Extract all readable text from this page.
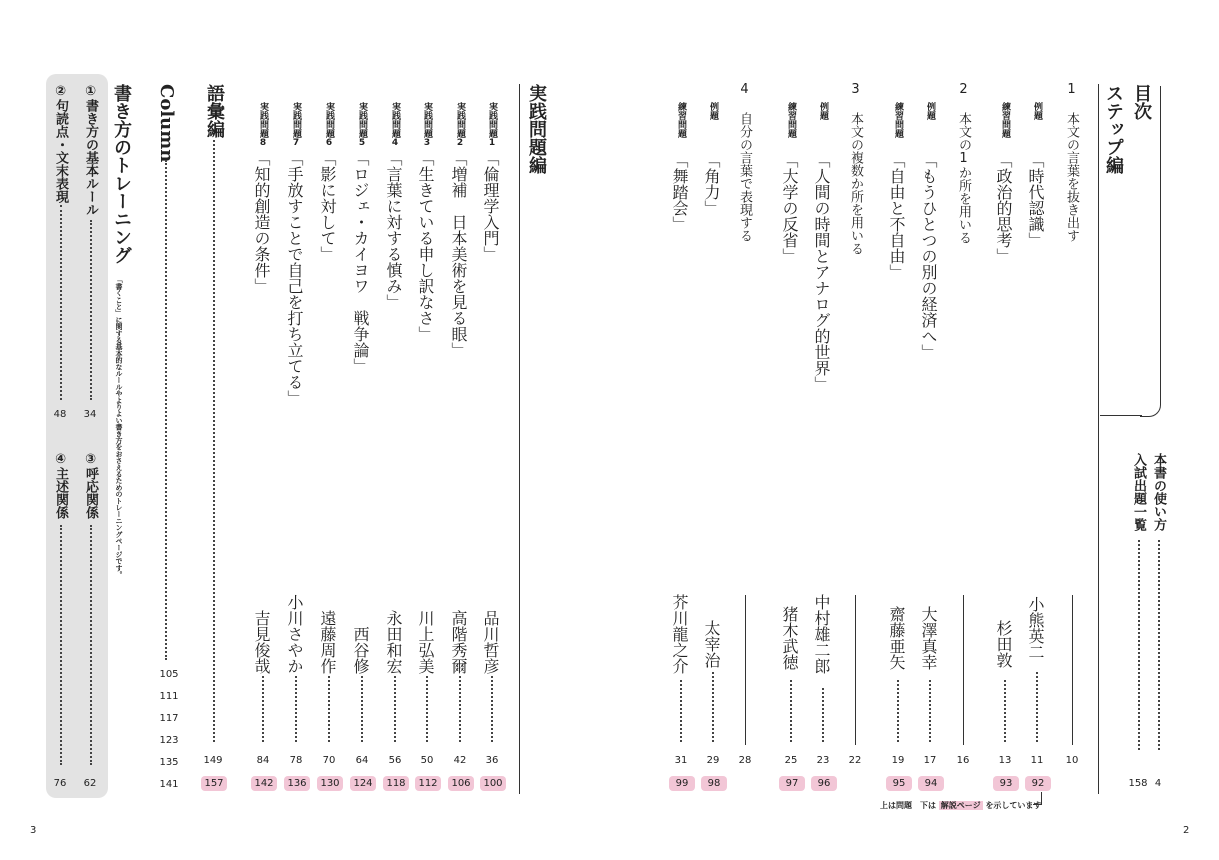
3	2
目次
ステップ編
本書の使い方
4
入試出題一覧
158
1 本文の言葉を抜き出す
10
例題
「時代認識」
小熊英二
11
92
練習問題
「政治的思考」
杉田敦
13
93
2 本文の1か所を用いる
16
例題
「もうひとつの別の経済へ」
大澤真幸
17
94
練習問題
「自由と不自由」
齋藤亜矢
19
95
3 本文の複数か所を用いる
22
例題
「人間の時間とアナログ的世界」
中村雄二郎
23
96
練習問題
「大学の反省」
猪木武徳
25
97
4 自分の言葉で表現する
28
例題
「角力」
太宰治
29
98
練習問題
「舞踏会」
芥川龍之介
31
99
上は問題　下は 解説ページ を示しています
実践問題編
実践問題1
「倫理学入門」
品川哲彦
36
100
実践問題2
「増補　日本美術を見る眼」
高階秀爾
42
106
実践問題3
「生きている申し訳なさ」
川上弘美
50
112
実践問題4
「言葉に対する慎み」
永田和宏
56
118
実践問題5
「ロジェ・カイヨワ　戦争論」
西谷修
64
124
実践問題6
「影に対して」
遠藤周作
70
130
実践問題7
「手放すことで自己を打ち立てる」
小川さやか
78
136
実践問題8
「知的創造の条件」
吉見俊哉
84
142
語彙編
149
157
Column
105
111
117
123
135
141
書き方のトレーニング
「書くこと」に関する基本的なルールやよりよい書き方をおさえるためのトレーニングページです。
①書き方の基本ルール
34
②句読点・文末表現
48
③呼応関係
62
④主述関係
76
